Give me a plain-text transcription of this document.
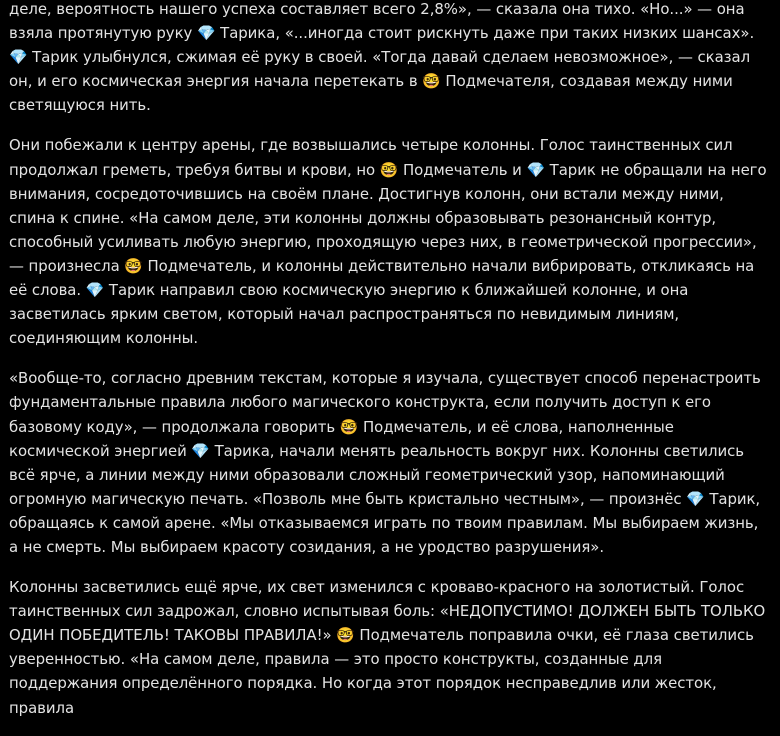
деле, вероятность нашего успеха составляет всего 2,8%», — сказала она тихо. «Но...» — она взяла протянутую руку 💎 Тарика, «...иногда стоит рискнуть даже при таких низких шансах». 💎 Тарик улыбнулся, сжимая её руку в своей. «Тогда давай сделаем невозможное», — сказал он, и его космическая энергия начала перетекать в 🤓 Подмечателя, создавая между ними светящуюся нить.

Они побежали к центру арены, где возвышались четыре колонны. Голос таинственных сил продолжал греметь, требуя битвы и крови, но 🤓 Подмечатель и 💎 Тарик не обращали на него внимания, сосредоточившись на своём плане. Достигнув колонн, они встали между ними, спина к спине. «На самом деле, эти колонны должны образовывать резонансный контур, способный усиливать любую энергию, проходящую через них, в геометрической прогрессии», — произнесла 🤓 Подмечатель, и колонны действительно начали вибрировать, откликаясь на её слова. 💎 Тарик направил свою космическую энергию к ближайшей колонне, и она засветилась ярким светом, который начал распространяться по невидимым линиям, соединяющим колонны.

«Вообще-то, согласно древним текстам, которые я изучала, существует способ перенастроить фундаментальные правила любого магического конструкта, если получить доступ к его базовому коду», — продолжала говорить 🤓 Подмечатель, и её слова, наполненные космической энергией 💎 Тарика, начали менять реальность вокруг них. Колонны светились всё ярче, а линии между ними образовали сложный геометрический узор, напоминающий огромную магическую печать. «Позволь мне быть кристально честным», — произнёс 💎 Тарик, обращаясь к самой арене. «Мы отказываемся играть по твоим правилам. Мы выбираем жизнь, а не смерть. Мы выбираем красоту созидания, а не уродство разрушения».

Колонны засветились ещё ярче, их свет изменился с кроваво-красного на золотистый. Голос таинственных сил задрожал, словно испытывая боль: «НЕДОПУСТИМО! ДОЛЖЕН БЫТЬ ТОЛЬКО ОДИН ПОБЕДИТЕЛЬ! ТАКОВЫ ПРАВИЛА!» 🤓 Подмечатель поправила очки, её глаза светились уверенностью. «На самом деле, правила — это просто конструкты, созданные для поддержания определённого порядка. Но когда этот порядок несправедлив или жесток, правила
